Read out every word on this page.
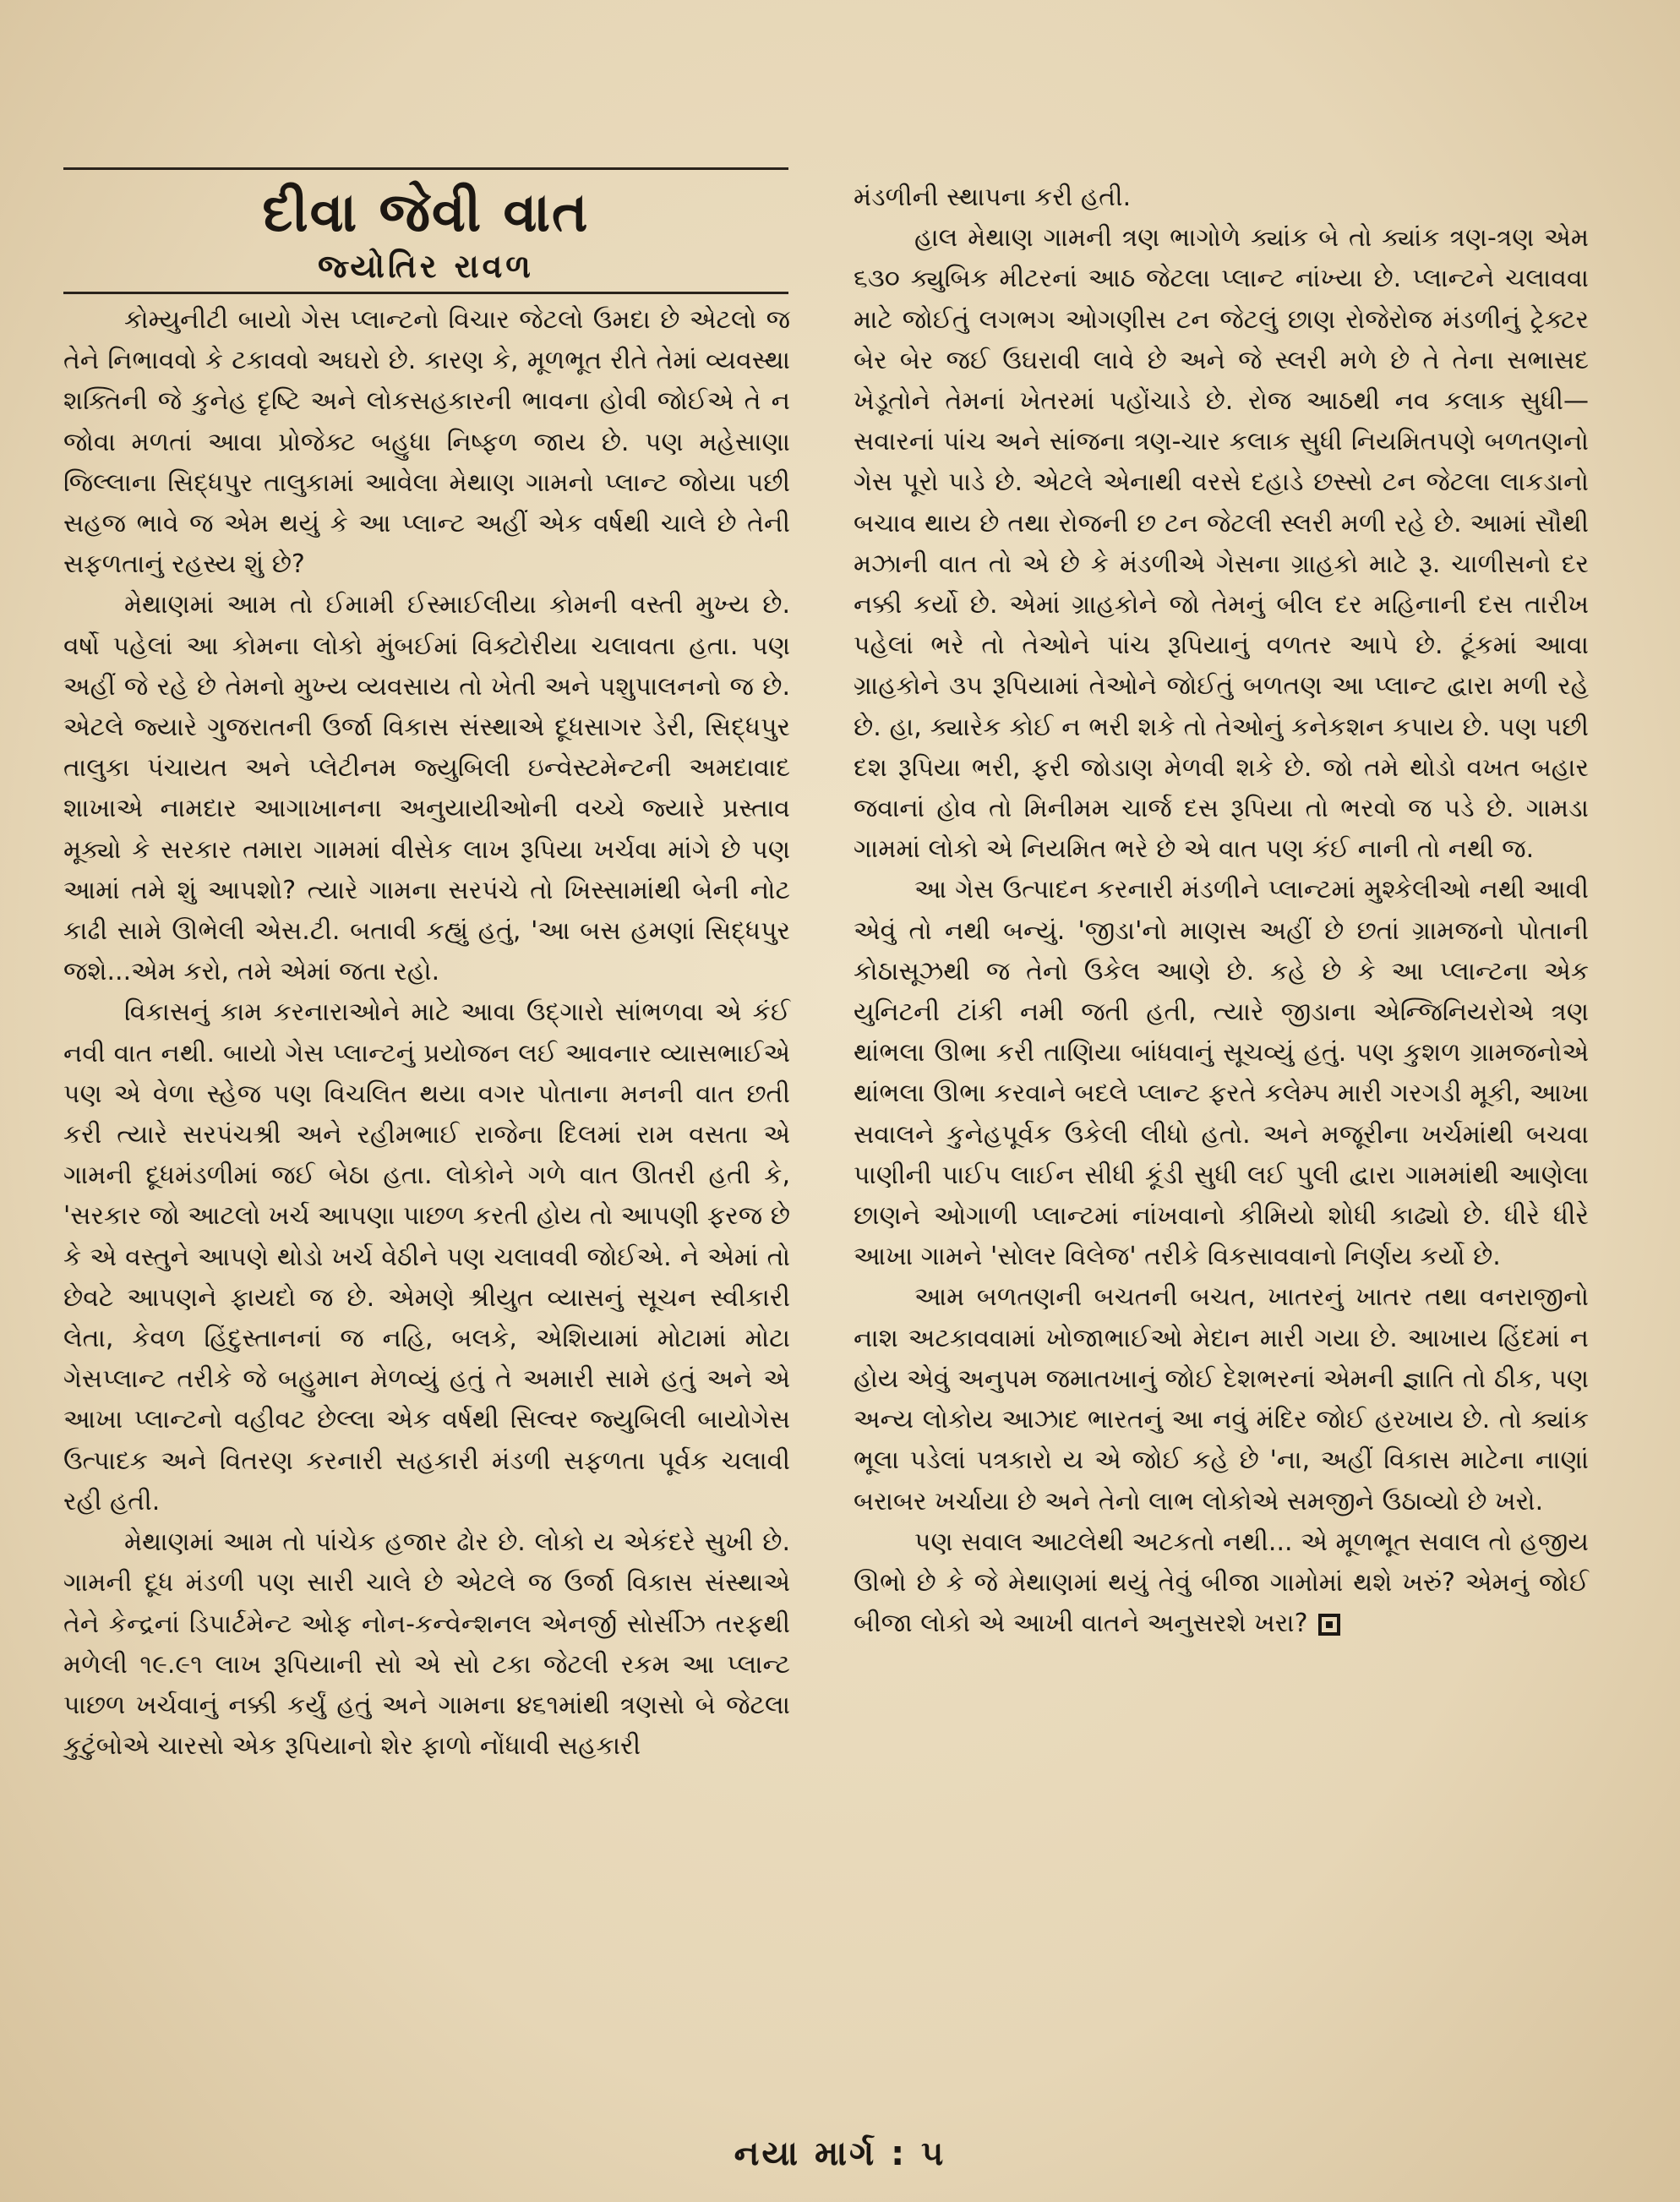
દીવા જેવી વાત
જ્યોતિર રાવળ

કોમ્યુનીટી બાયો ગેસ પ્લાન્ટનો વિચાર જેટલો ઉમદા છે એટલો જ તેને નિભાવવો કે ટકાવવો અઘરો છે. કારણ કે, મૂળભૂત રીતે તેમાં વ્યવસ્થા શક્તિની જે કુનેહ દૃષ્ટિ અને લોકસહકારની ભાવના હોવી જોઈએ તે ન જોવા મળતાં આવા પ્રોજેક્ટ બહુધા નિષ્ફળ જાય છે. પણ મહેસાણા જિલ્લાના સિદ્ધપુર તાલુકામાં આવેલા મેથાણ ગામનો પ્લાન્ટ જોયા પછી સહજ ભાવે જ એમ થયું કે આ પ્લાન્ટ અહીં એક વર્ષથી ચાલે છે તેની સફળતાનું રહસ્ય શું છે?

મેથાણમાં આમ તો ઈમામી ઈસ્માઈલીયા કોમની વસ્તી મુખ્ય છે. વર્ષો પહેલાં આ કોમના લોકો મુંબઈમાં વિક્ટોરીયા ચલાવતા હતા. પણ અહીં જે રહે છે તેમનો મુખ્ય વ્યવસાય તો ખેતી અને પશુપાલનનો જ છે. એટલે જ્યારે ગુજરાતની ઉર્જા વિકાસ સંસ્થાએ દૂધસાગર ડેરી, સિદ્ધપુર તાલુકા પંચાયત અને પ્લેટીનમ જ્યુબિલી ઇન્વેસ્ટમેન્ટની અમદાવાદ શાખાએ નામદાર આગાખાનના અનુયાયીઓની વચ્ચે જ્યારે પ્રસ્તાવ મૂક્યો કે સરકાર તમારા ગામમાં વીસેક લાખ રૂપિયા ખર્ચવા માંગે છે પણ આમાં તમે શું આપશો? ત્યારે ગામના સરપંચે તો ખિસ્સામાંથી બેની નોટ કાઢી સામે ઊભેલી એસ.ટી. બતાવી કહ્યું હતું, 'આ બસ હમણાં સિદ્ધપુર જશે...એમ કરો, તમે એમાં જતા રહો.

વિકાસનું કામ કરનારાઓને માટે આવા ઉદ્‌ગારો સાંભળવા એ કંઈ નવી વાત નથી. બાયો ગેસ પ્લાન્ટનું પ્રયોજન લઈ આવનાર વ્યાસભાઈએ પણ એ વેળા સ્હેજ પણ વિચલિત થયા વગર પોતાના મનની વાત છતી કરી ત્યારે સરપંચશ્રી અને રહીમભાઈ રાજેના દિલમાં રામ વસતા એ ગામની દૂધમંડળીમાં જઈ બેઠા હતા. લોકોને ગળે વાત ઊતરી હતી કે, 'સરકાર જો આટલો ખર્ચ આપણા પાછળ કરતી હોય તો આપણી ફરજ છે કે એ વસ્તુને આપણે થોડો ખર્ચ વેઠીને પણ ચલાવવી જોઈએ. ને એમાં તો છેવટે આપણને ફાયદો જ છે. એમણે શ્રીયુત વ્યાસનું સૂચન સ્વીકારી લેતા, કેવળ હિંદુસ્તાનનાં જ નહિ, બલકે, એશિયામાં મોટામાં મોટા ગેસપ્લાન્ટ તરીકે જે બહુમાન મેળવ્યું હતું તે અમારી સામે હતું અને એ આખા પ્લાન્ટનો વહીવટ છેલ્લા એક વર્ષથી સિલ્વર જ્યુબિલી બાયોગેસ ઉત્પાદક અને વિતરણ કરનારી સહકારી મંડળી સફળતા પૂર્વક ચલાવી રહી હતી.

મેથાણમાં આમ તો પાંચેક હજાર ઢોર છે. લોકો ય એકંદરે સુખી છે. ગામની દૂધ મંડળી પણ સારી ચાલે છે એટલે જ ઉર્જા વિકાસ સંસ્થાએ તેને કેન્દ્રનાં ડિપાર્ટમેન્ટ ઓફ નોન-કન્વેન્શનલ એનર્જી સોર્સીઝ તરફથી મળેલી ૧૯.૯૧ લાખ રૂપિયાની સો એ સો ટકા જેટલી રકમ આ પ્લાન્ટ પાછળ ખર્ચવાનું નક્કી કર્યું હતું અને ગામના ૪૬૧માંથી ત્રણસો બે જેટલા કુટુંબોએ ચારસો એક રૂપિયાનો શેર ફાળો નોંધાવી સહકારી

મંડળીની સ્થાપના કરી હતી.

હાલ મેથાણ ગામની ત્રણ ભાગોળે ક્યાંક બે તો ક્યાંક ત્રણ-ત્રણ એમ ૬૩૦ ક્યુબિક મીટરનાં આઠ જેટલા પ્લાન્ટ નાંખ્યા છે. પ્લાન્ટને ચલાવવા માટે જોઈતું લગભગ ઓગણીસ ટન જેટલું છાણ રોજેરોજ મંડળીનું ટ્રેક્ટર બેર બેર જઈ ઉઘરાવી લાવે છે અને જે સ્લરી મળે છે તે તેના સભાસદ ખેડૂતોને તેમનાં ખેતરમાં પહોંચાડે છે. રોજ આઠથી નવ કલાક સુધી— સવારનાં પાંચ અને સાંજના ત્રણ-ચાર કલાક સુધી નિયમિતપણે બળતણનો ગેસ પૂરો પાડે છે. એટલે એનાથી વરસે દહાડે છસ્સો ટન જેટલા લાકડાનો બચાવ થાય છે તથા રોજની છ ટન જેટલી સ્લરી મળી રહે છે. આમાં સૌથી મઝાની વાત તો એ છે કે મંડળીએ ગેસના ગ્રાહકો માટે રૂ. ચાળીસનો દર નક્કી કર્યો છે. એમાં ગ્રાહકોને જો તેમનું બીલ દર મહિનાની દસ તારીખ પહેલાં ભરે તો તેઓને પાંચ રૂપિયાનું વળતર આપે છે. ટૂંકમાં આવા ગ્રાહકોને ૩૫ રૂપિયામાં તેઓને જોઈતું બળતણ આ પ્લાન્ટ દ્વારા મળી રહે છે. હા, ક્યારેક કોઈ ન ભરી શકે તો તેઓનું કનેકશન કપાય છે. પણ પછી દશ રૂપિયા ભરી, ફરી જોડાણ મેળવી શકે છે. જો તમે થોડો વખત બહાર જવાનાં હોવ તો મિનીમમ ચાર્જ દસ રૂપિયા તો ભરવો જ પડે છે. ગામડા ગામમાં લોકો એ નિયમિત ભરે છે એ વાત પણ કંઈ નાની તો નથી જ.

આ ગેસ ઉત્પાદન કરનારી મંડળીને પ્લાન્ટમાં મુશ્કેલીઓ નથી આવી એવું તો નથી બન્યું. 'જીડા'નો માણસ અહીં છે છતાં ગ્રામજનો પોતાની કોઠાસૂઝથી જ તેનો ઉકેલ આણે છે. કહે છે કે આ પ્લાન્ટના એક યુનિટની ટાંકી નમી જતી હતી, ત્યારે જીડાના એન્જિનિયરોએ ત્રણ થાંભલા ઊભા કરી તાણિયા બાંધવાનું સૂચવ્યું હતું. પણ કુશળ ગ્રામજનોએ થાંભલા ઊભા કરવાને બદલે પ્લાન્ટ ફરતે કલેમ્પ મારી ગરગડી મૂકી, આખા સવાલને કુનેહપૂર્વક ઉકેલી લીધો હતો. અને મજૂરીના ખર્ચમાંથી બચવા પાણીની પાઈપ લાઈન સીધી કૂંડી સુધી લઈ પુલી દ્વારા ગામમાંથી આણેલા છાણને ઓગાળી પ્લાન્ટમાં નાંખવાનો કીમિયો શોધી કાઢ્યો છે. ધીરે ધીરે આખા ગામને 'સોલર વિલેજ' તરીકે વિકસાવવાનો નિર્ણય કર્યો છે.

આમ બળતણની બચતની બચત, ખાતરનું ખાતર તથા વનરાજીનો નાશ અટકાવવામાં ખોજાભાઈઓ મેદાન મારી ગયા છે. આખાય હિંદમાં ન હોય એવું અનુપમ જમાતખાનું જોઈ દેશભરનાં એમની જ્ઞાતિ તો ઠીક, પણ અન્ય લોકોય આઝાદ ભારતનું આ નવું મંદિર જોઈ હરખાય છે. તો ક્યાંક ભૂલા પડેલાં પત્રકારો ય એ જોઈ કહે છે 'ના, અહીં વિકાસ માટેના નાણાં બરાબર ખર્ચાયા છે અને તેનો લાભ લોકોએ સમજીને ઉઠાવ્યો છે ખરો.

પણ સવાલ આટલેથી અટકતો નથી... એ મૂળભૂત સવાલ તો હજીય ઊભો છે કે જે મેથાણમાં થયું તેવું બીજા ગામોમાં થશે ખરું? એમનું જોઈ બીજા લોકો એ આખી વાતને અનુસરશે ખરા?

નયા માર્ગ : ૫
